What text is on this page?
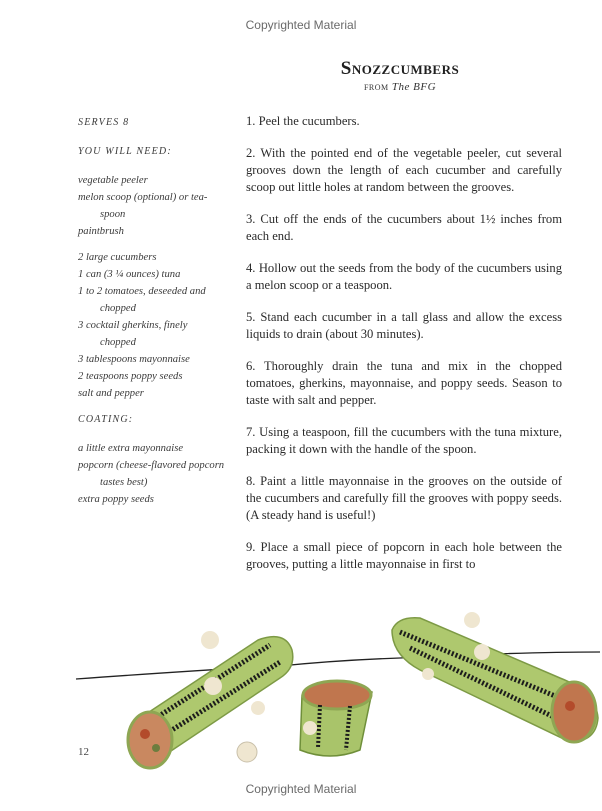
Copyrighted Material
Snozzcumbers
from The BFG
SERVES 8
YOU WILL NEED:
vegetable peeler
melon scoop (optional) or tea-
spoon
paintbrush
2 large cucumbers
1 can (3 ¼ ounces) tuna
1 to 2 tomatoes, deseeded and
chopped
3 cocktail gherkins, finely
chopped
3 tablespoons mayonnaise
2 teaspoons poppy seeds
salt and pepper
COATING:
a little extra mayonnaise
popcorn (cheese-flavored popcorn
tastes best)
extra poppy seeds

1. Peel the cucumbers.

2. With the pointed end of the vegetable peeler, cut several grooves down the length of each cucumber and carefully scoop out little holes at random between the grooves.

3. Cut off the ends of the cucumbers about 1½ inches from each end.

4. Hollow out the seeds from the body of the cucumbers using a melon scoop or a teaspoon.

5. Stand each cucumber in a tall glass and allow the excess liquids to drain (about 30 minutes).

6. Thoroughly drain the tuna and mix in the chopped tomatoes, gherkins, mayonnaise, and poppy seeds. Season to taste with salt and pepper.

7. Using a teaspoon, fill the cucumbers with the tuna mixture, packing it down with the handle of the spoon.

8. Paint a little mayonnaise in the grooves on the outside of the cucumbers and carefully fill the grooves with poppy seeds. (A steady hand is useful!)

9. Place a small piece of popcorn in each hole between the grooves, putting a little mayonnaise in first to

12
Copyrighted Material
